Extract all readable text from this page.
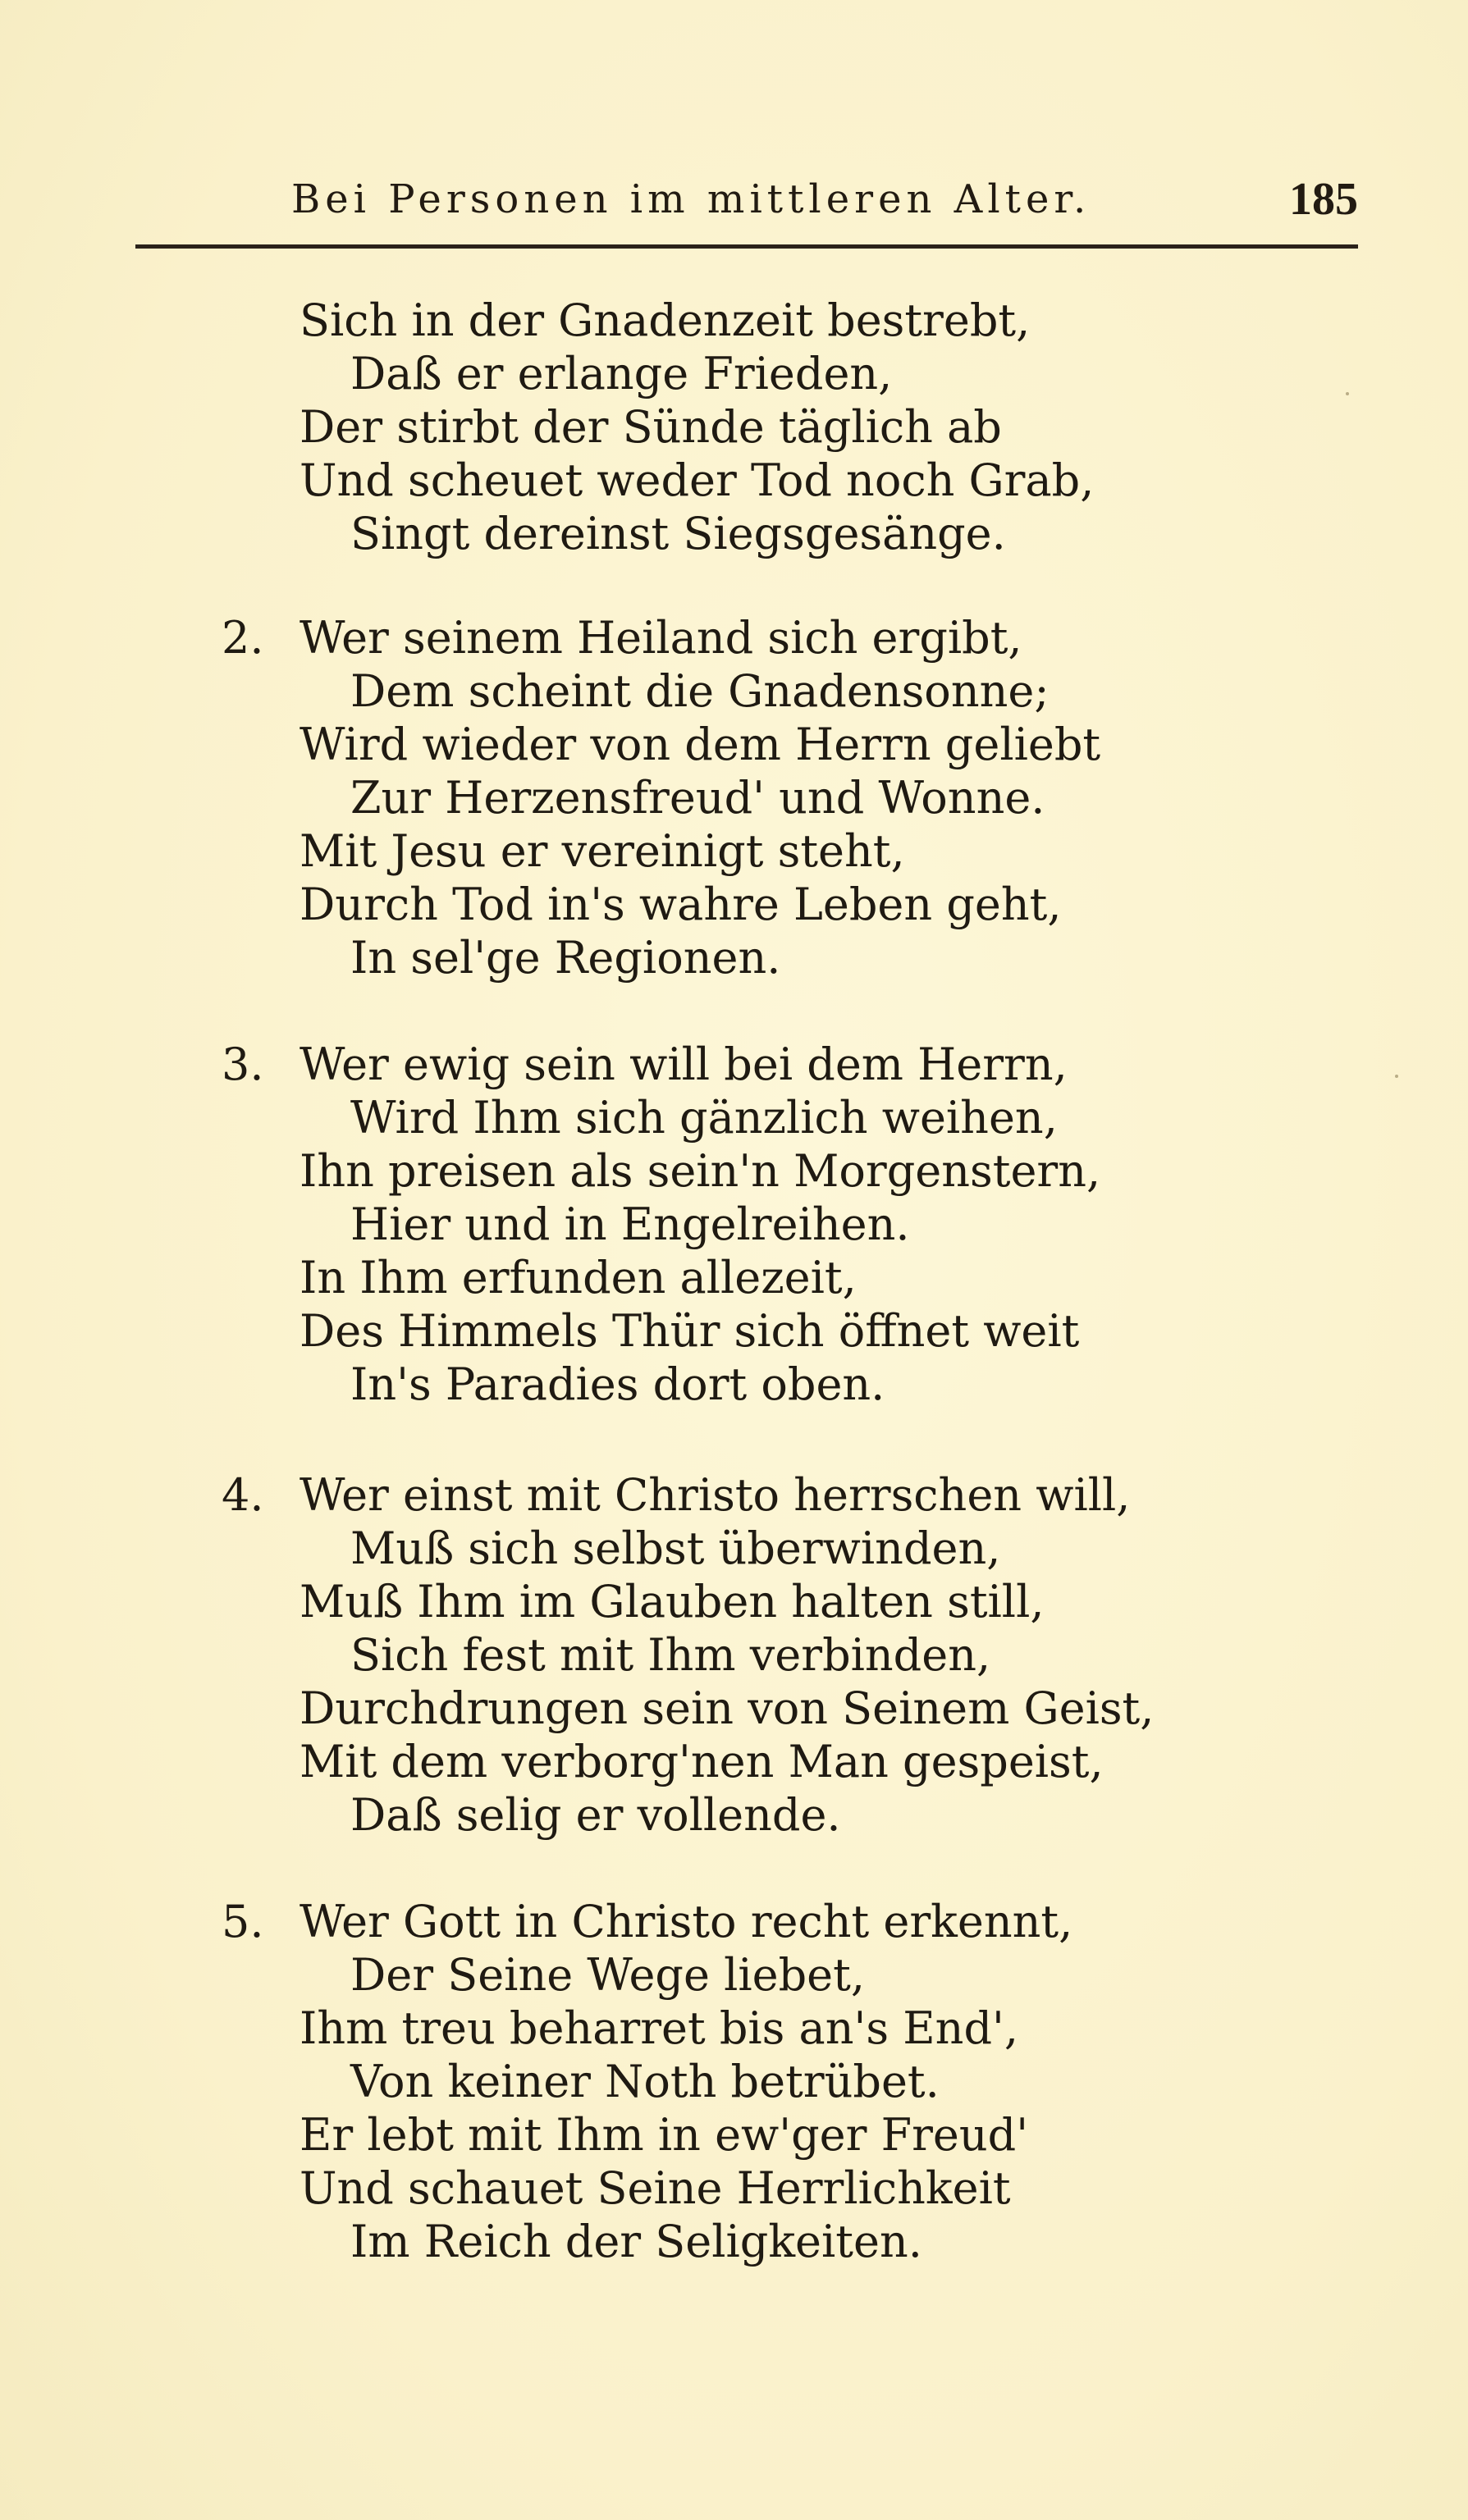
Bei Personen im mittleren Alter.	185
Sich in der Gnadenzeit bestrebt,
Daß er erlange Frieden,
Der stirbt der Sünde täglich ab
Und scheuet weder Tod noch Grab,
Singt dereinst Siegsgesänge.
2. Wer seinem Heiland sich ergibt,
Dem scheint die Gnadensonne;
Wird wieder von dem Herrn geliebt
Zur Herzensfreud' und Wonne.
Mit Jesu er vereinigt steht,
Durch Tod in's wahre Leben geht,
In sel'ge Regionen.
3. Wer ewig sein will bei dem Herrn,
Wird Ihm sich gänzlich weihen,
Ihn preisen als sein'n Morgenstern,
Hier und in Engelreihen.
In Ihm erfunden allezeit,
Des Himmels Thür sich öffnet weit
In's Paradies dort oben.
4. Wer einst mit Christo herrschen will,
Muß sich selbst überwinden,
Muß Ihm im Glauben halten still,
Sich fest mit Ihm verbinden,
Durchdrungen sein von Seinem Geist,
Mit dem verborg'nen Man gespeist,
Daß selig er vollende.
5. Wer Gott in Christo recht erkennt,
Der Seine Wege liebet,
Ihm treu beharret bis an's End',
Von keiner Noth betrübet.
Er lebt mit Ihm in ew'ger Freud'
Und schauet Seine Herrlichkeit
Im Reich der Seligkeiten.
